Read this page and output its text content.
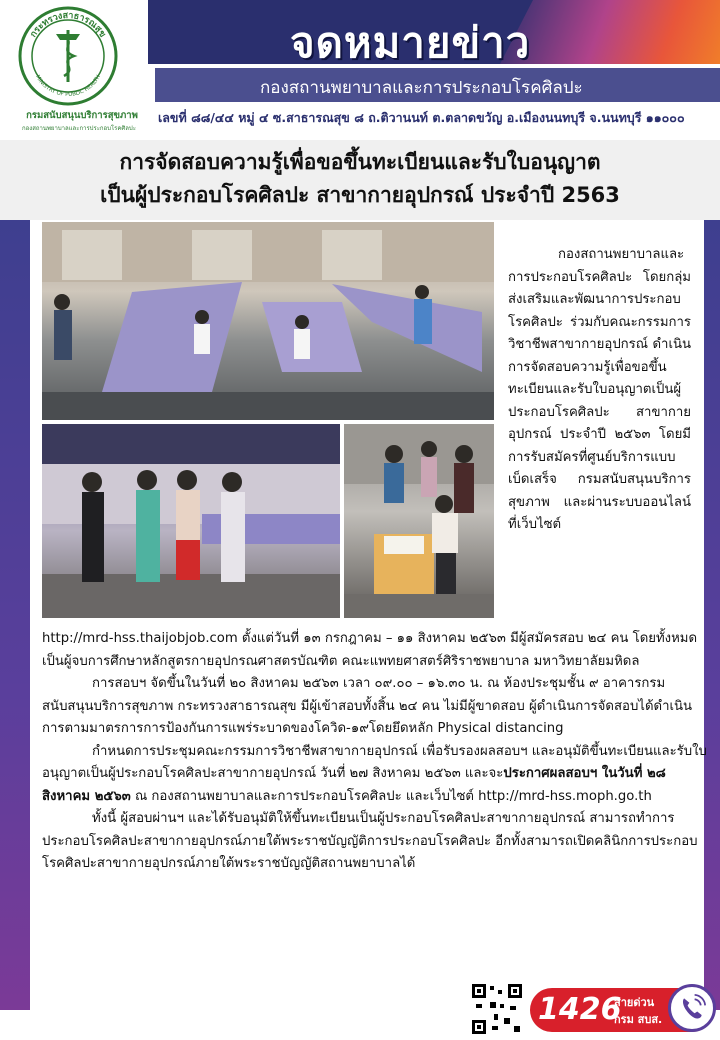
จดหมายข่าว
กองสถานพยาบาลและการประกอบโรคศิลปะ
เลขที่ ๘๘/๔๔ หมู่ ๔ ซ.สาธารณสุข ๘ ถ.ติวานนท์ ต.ตลาดขวัญ อ.เมืองนนทบุรี จ.นนทบุรี ๑๑๐๐๐
กระทรวงสาธารณสุข
MINISTRY OF PUBLIC HEALTH
กรมสนับสนุนบริการสุขภาพ
กองสถานพยาบาลและการประกอบโรคศิลปะ
การจัดสอบความรู้เพื่อขอขึ้นทะเบียนและรับใบอนุญาต
เป็นผู้ประกอบโรคศิลปะ สาขากายอุปกรณ์ ประจำปี 2563

กองสถานพยาบาลและการประกอบโรคศิลปะ โดยกลุ่มส่งเสริมและพัฒนาการประกอบโรคศิลปะ ร่วมกับคณะกรรมการวิชาชีพสาขากายอุปกรณ์ ดำเนินการจัดสอบความรู้เพื่อขอขึ้นทะเบียนและรับใบอนุญาตเป็นผู้ประกอบโรคศิลปะ สาขากายอุปกรณ์ ประจำปี ๒๕๖๓ โดยมีการรับสมัครที่ศูนย์บริการแบบเบ็ดเสร็จ กรมสนับสนุนบริการสุขภาพ และผ่านระบบออนไลน์ ที่เว็บไซต์

http://mrd-hss.thaijobjob.com ตั้งแต่วันที่ ๑๓ กรกฎาคม – ๑๑ สิงหาคม ๒๕๖๓ มีผู้สมัครสอบ ๒๔ คน โดยทั้งหมดเป็นผู้จบการศึกษาหลักสูตรกายอุปกรณศาสตรบัณฑิต คณะแพทยศาสตร์ศิริราชพยาบาล มหาวิทยาลัยมหิดล

การสอบฯ จัดขึ้นในวันที่ ๒๐ สิงหาคม ๒๕๖๓ เวลา ๐๙.๐๐ – ๑๖.๓๐ น. ณ ห้องประชุมชั้น ๙ อาคารกรมสนับสนุนบริการสุขภาพ กระทรวงสาธารณสุข มีผู้เข้าสอบทั้งสิ้น ๒๔ คน ไม่มีผู้ขาดสอบ ผู้ดำเนินการจัดสอบได้ดำเนินการตามมาตรการการป้องกันการแพร่ระบาดของโควิด-๑๙โดยยึดหลัก Physical distancing

กำหนดการประชุมคณะกรรมการวิชาชีพสาขากายอุปกรณ์ เพื่อรับรองผลสอบฯ และอนุมัติขึ้นทะเบียนและรับใบอนุญาตเป็นผู้ประกอบโรคศิลปะสาขากายอุปกรณ์ วันที่ ๒๗ สิงหาคม ๒๕๖๓ และจะประกาศผลสอบฯ ในวันที่ ๒๘ สิงหาคม ๒๕๖๓ ณ กองสถานพยาบาลและการประกอบโรคศิลปะ และเว็บไซต์ http://mrd-hss.moph.go.th

ทั้งนี้ ผู้สอบผ่านฯ และได้รับอนุมัติให้ขึ้นทะเบียนเป็นผู้ประกอบโรคศิลปะสาขากายอุปกรณ์ สามารถทำการประกอบโรคศิลปะสาขากายอุปกรณ์ภายใต้พระราชบัญญัติการประกอบโรคศิลปะ อีกทั้งสามารถเปิดคลินิกการประกอบโรคศิลปะสาขากายอุปกรณ์ภายใต้พระราชบัญญัติสถานพยาบาลได้

1426
สายด่วน
กรม สบส.
